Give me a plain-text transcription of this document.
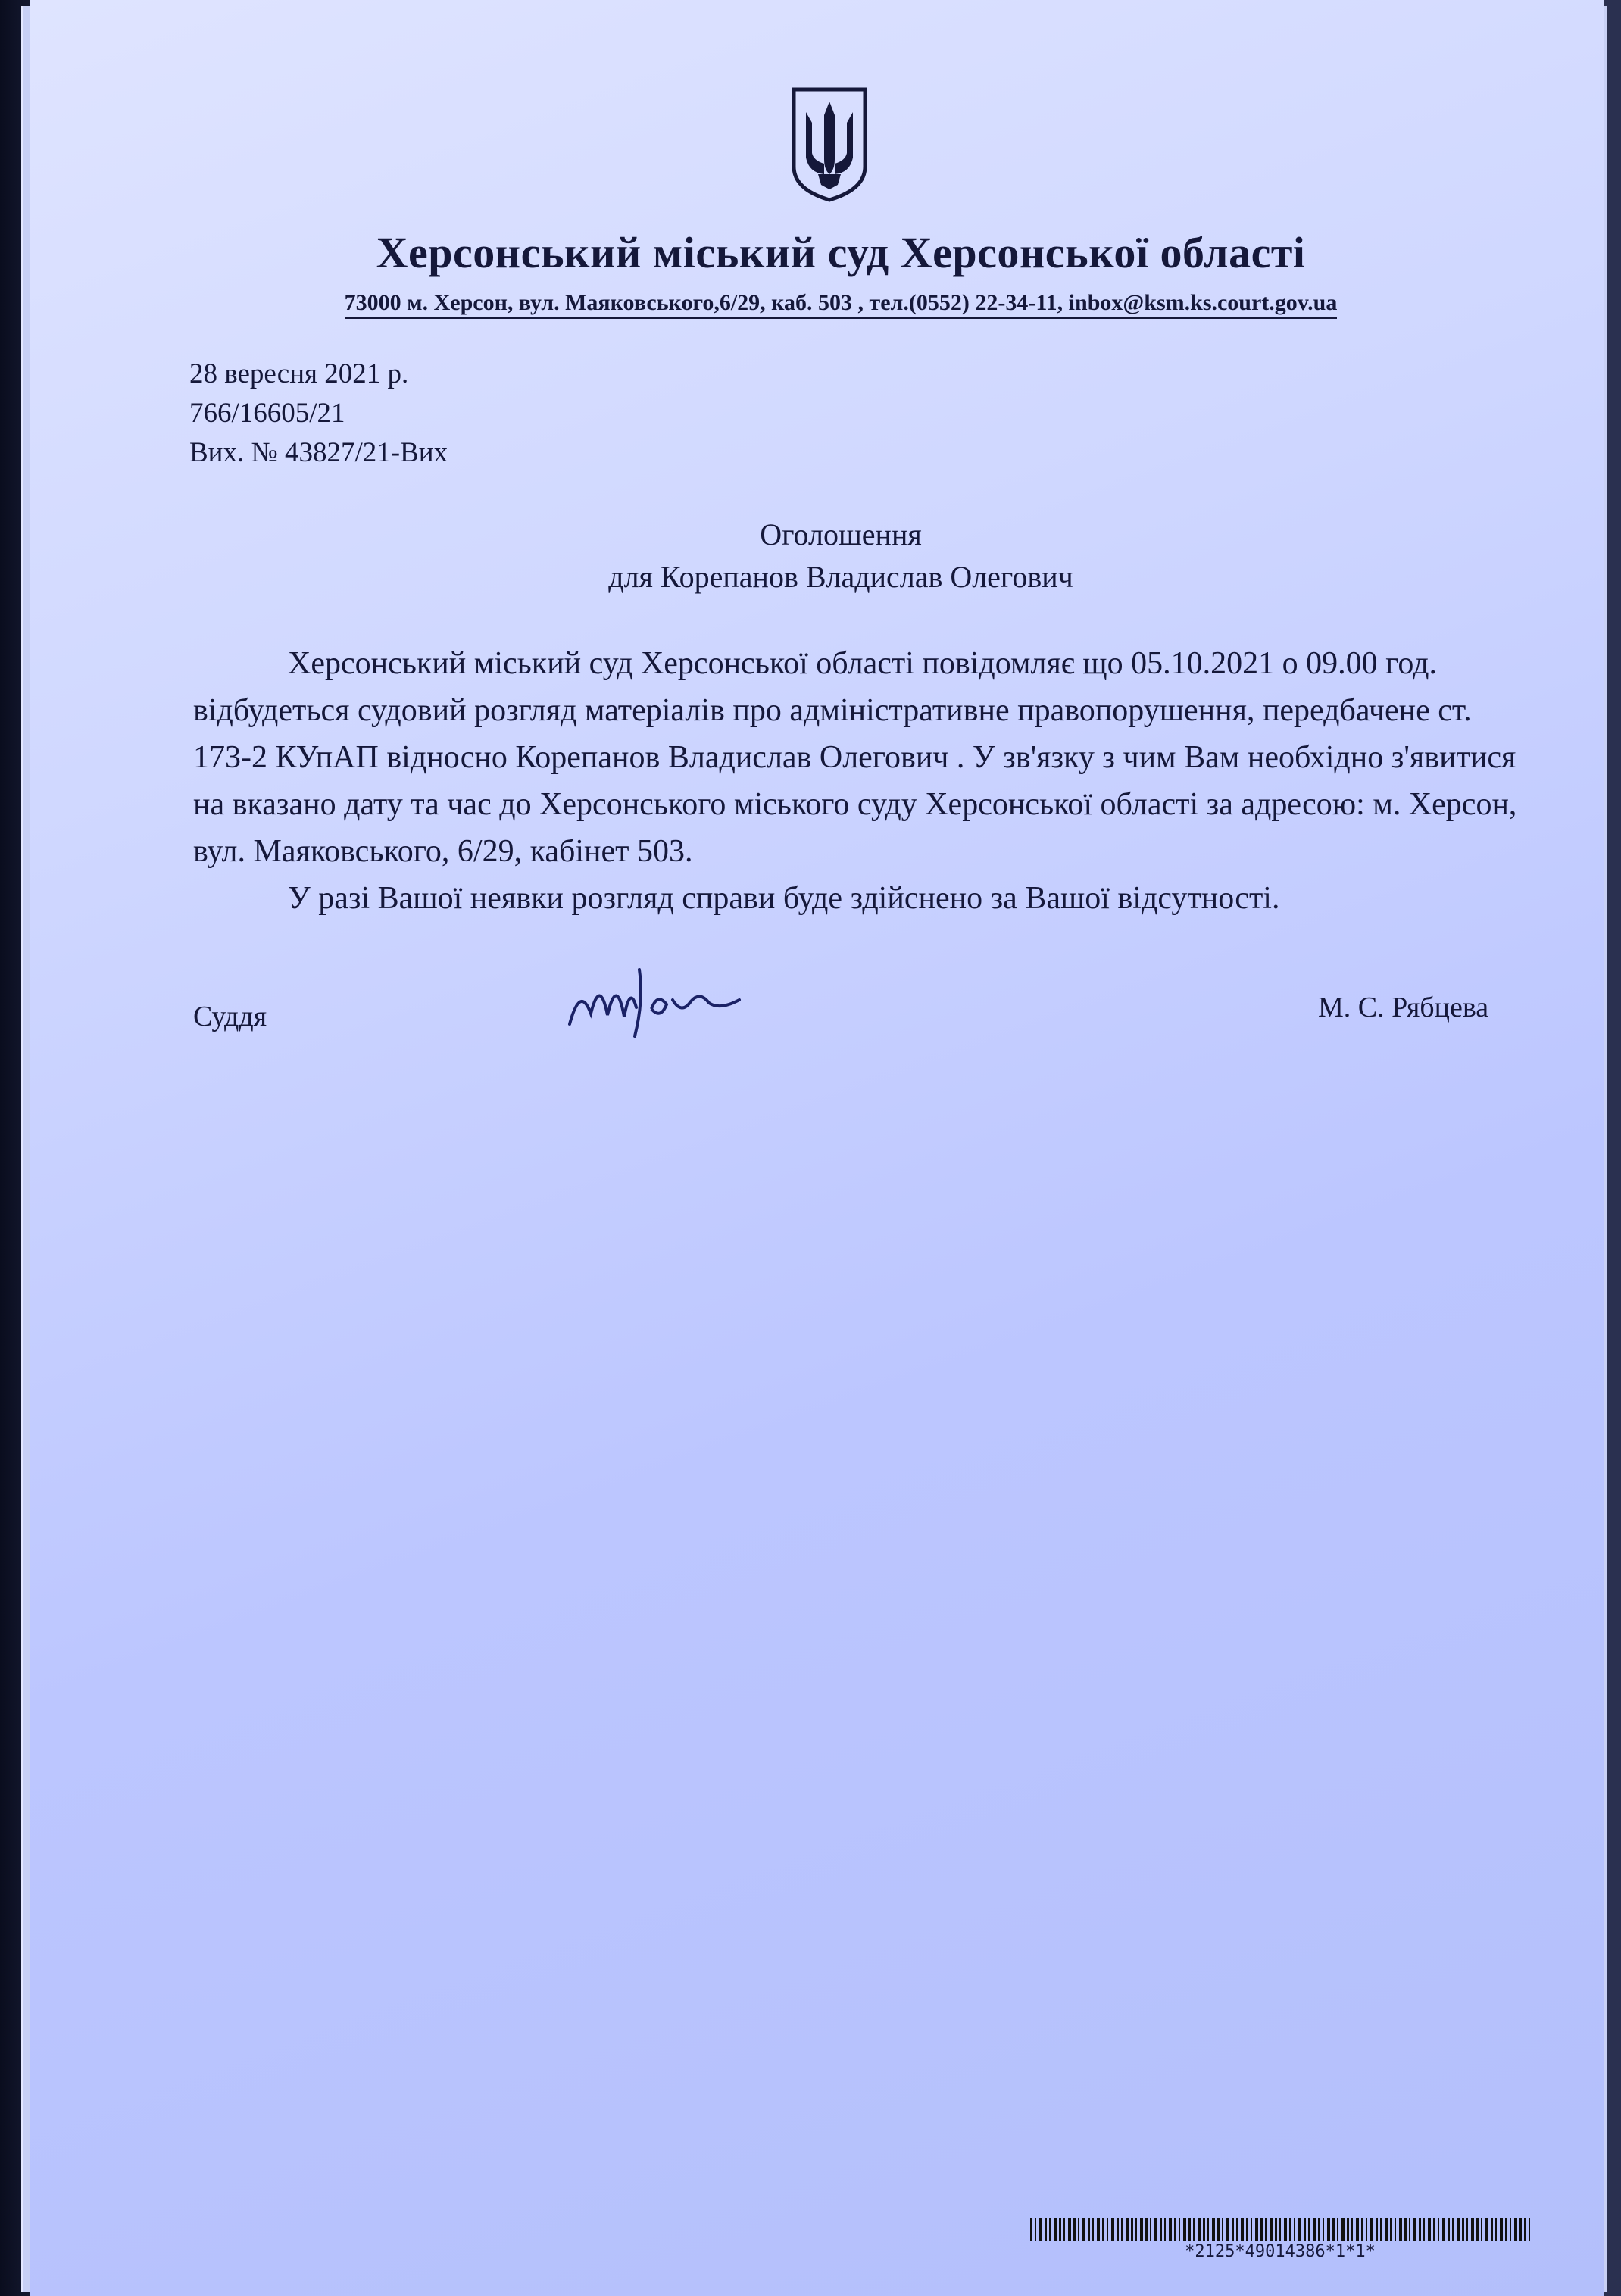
Херсонський міський суд Херсонської області
73000 м. Херсон, вул. Маяковського,6/29, каб. 503 , тел.(0552) 22-34-11, inbox@ksm.ks.court.gov.ua
28 вересня 2021 р.
766/16605/21
Вих. № 43827/21-Вих
Оголошення
для Корепанов Владислав Олегович

Херсонський міський суд Херсонської області повідомляє що 05.10.2021 о 09.00 год. відбудеться судовий розгляд матеріалів про адміністративне правопорушення, передбачене ст. 173-2 КУпАП відносно Корепанов Владислав Олегович . У зв'язку з чим Вам необхідно з'явитися на вказано дату та час до Херсонського міського суду Херсонської області за адресою: м. Херсон, вул. Маяковського, 6/29, кабінет 503.

У разі Вашої неявки розгляд справи буде здійснено за Вашої відсутності.

Суддя	М. С. Рябцева
*2125*49014386*1*1*
